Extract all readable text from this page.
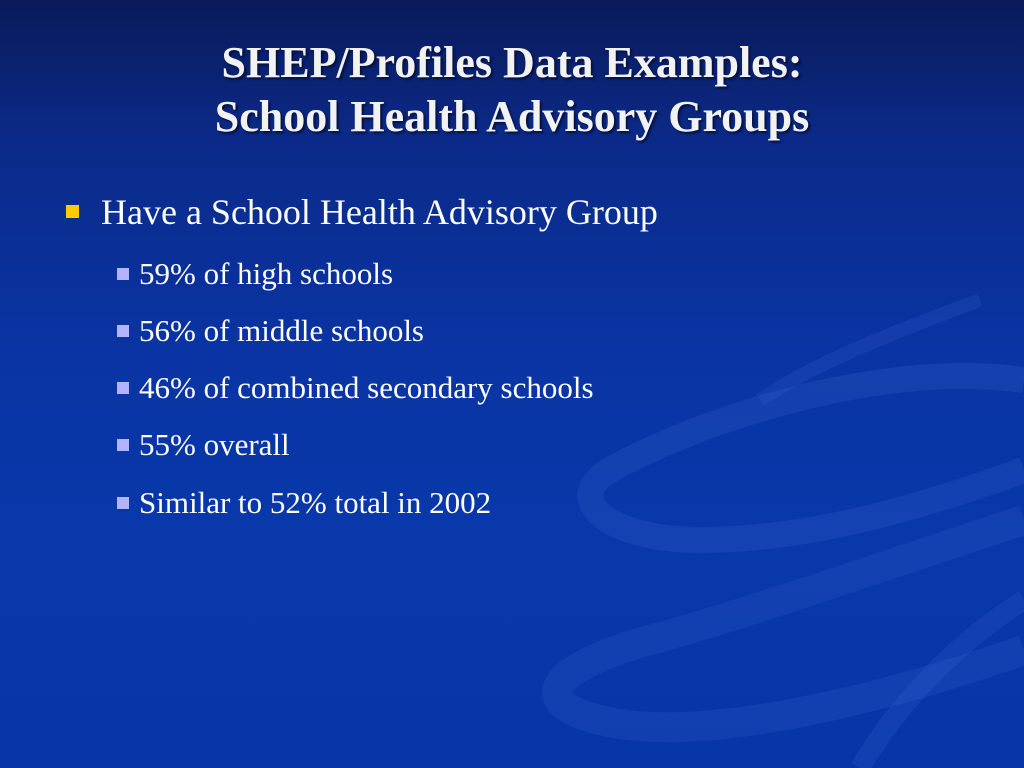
SHEP/Profiles Data Examples:
School Health Advisory Groups
Have a School Health Advisory Group
59% of high schools
56% of middle schools
46% of combined secondary schools
55% overall
Similar to 52% total in 2002
